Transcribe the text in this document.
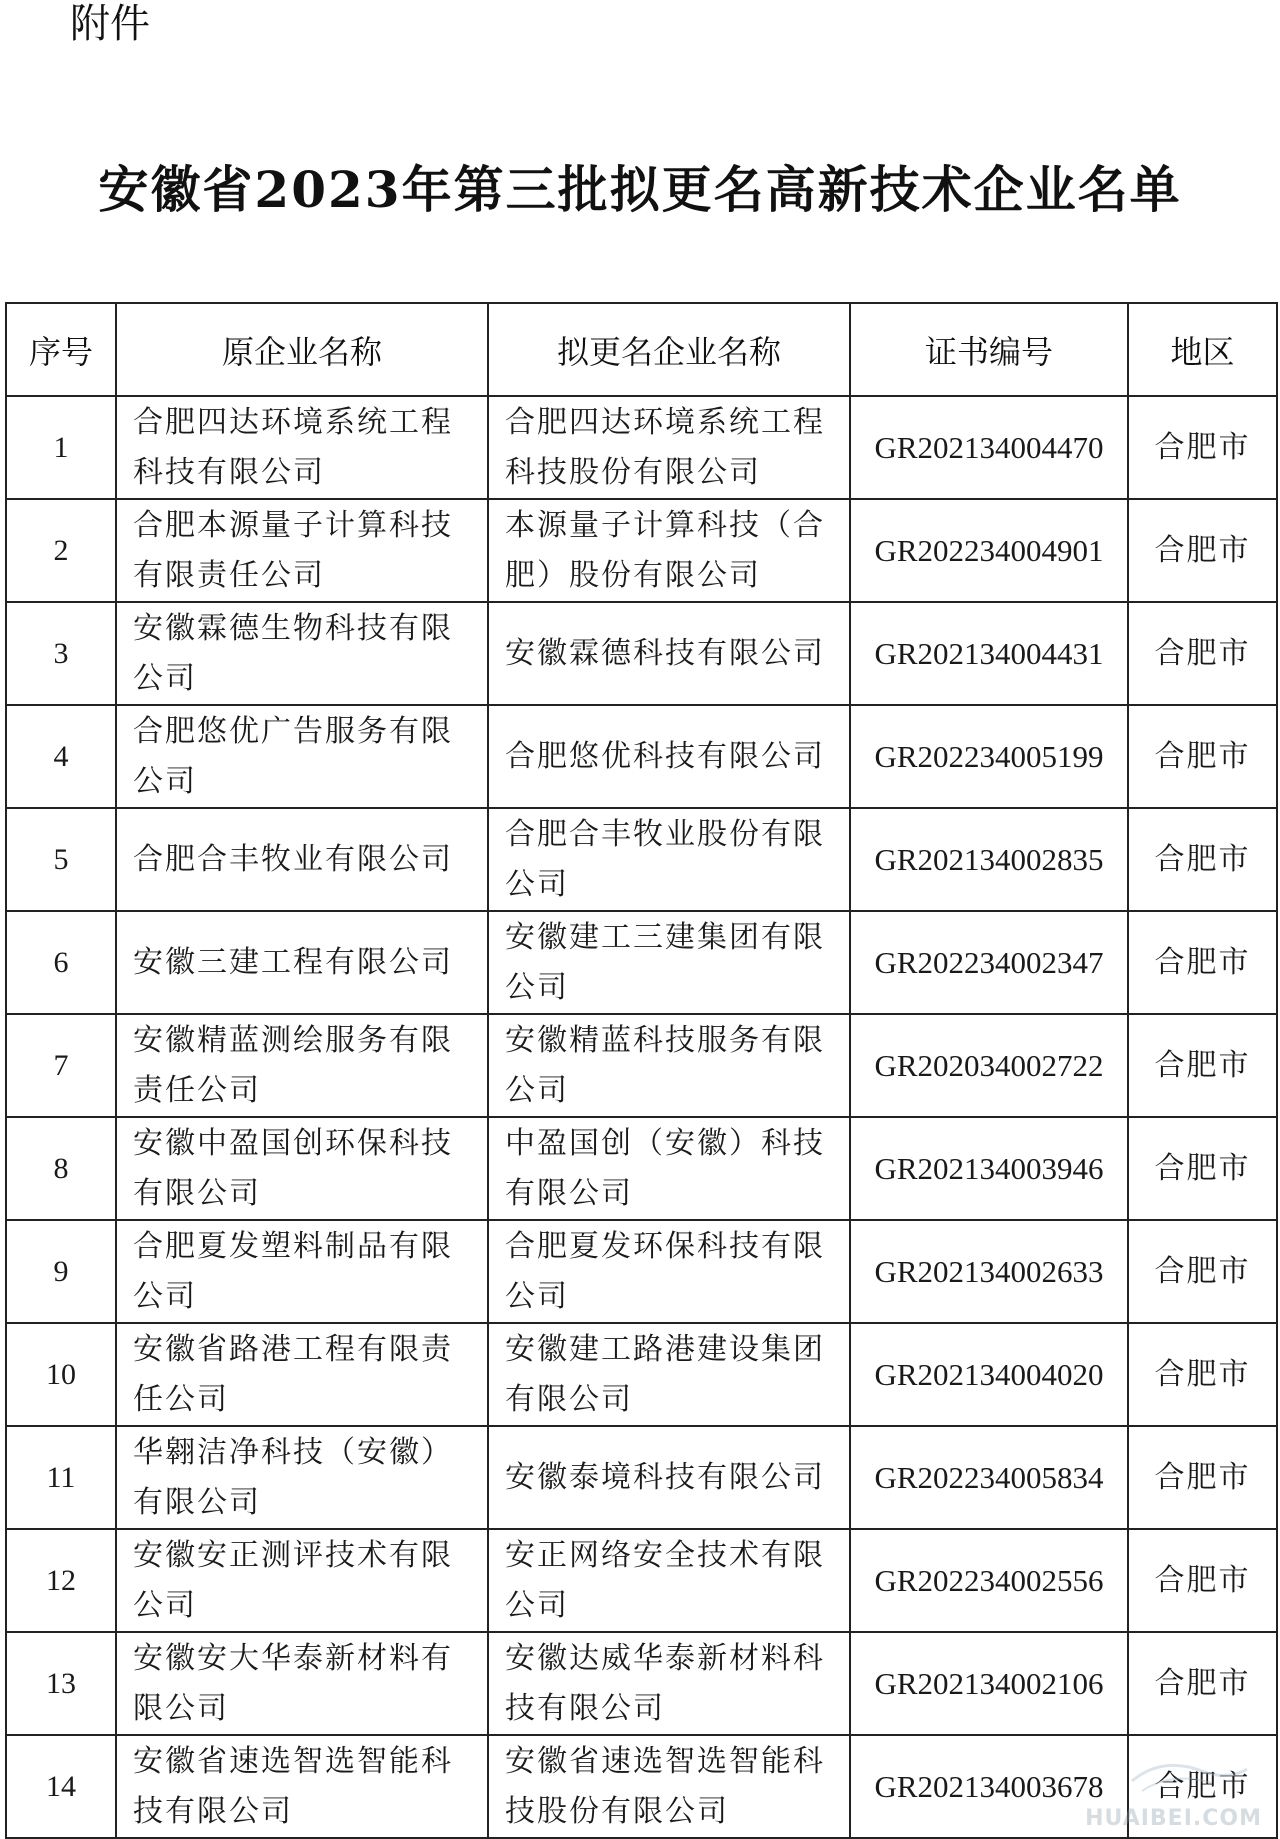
附件
安徽省2023年第三批拟更名高新技术企业名单
序号	原企业名称	拟更名企业名称	证书编号	地区
1	合肥四达环境系统工程科技有限公司	合肥四达环境系统工程科技股份有限公司	GR202134004470	合肥市
2	合肥本源量子计算科技有限责任公司	本源量子计算科技（合肥）股份有限公司	GR202234004901	合肥市
3	安徽霖德生物科技有限公司	安徽霖德科技有限公司	GR202134004431	合肥市
4	合肥悠优广告服务有限公司	合肥悠优科技有限公司	GR202234005199	合肥市
5	合肥合丰牧业有限公司	合肥合丰牧业股份有限公司	GR202134002835	合肥市
6	安徽三建工程有限公司	安徽建工三建集团有限公司	GR202234002347	合肥市
7	安徽精蓝测绘服务有限责任公司	安徽精蓝科技服务有限公司	GR202034002722	合肥市
8	安徽中盈国创环保科技有限公司	中盈国创（安徽）科技有限公司	GR202134003946	合肥市
9	合肥夏发塑料制品有限公司	合肥夏发环保科技有限公司	GR202134002633	合肥市
10	安徽省路港工程有限责任公司	安徽建工路港建设集团有限公司	GR202134004020	合肥市
11	华翱洁净科技（安徽）有限公司	安徽泰境科技有限公司	GR202234005834	合肥市
12	安徽安正测评技术有限公司	安正网络安全技术有限公司	GR202234002556	合肥市
13	安徽安大华泰新材料有限公司	安徽达威华泰新材料科技有限公司	GR202134002106	合肥市
14	安徽省速选智选智能科技有限公司	安徽省速选智选智能科技股份有限公司	GR202134003678	合肥市
HUAIBEI.COM
